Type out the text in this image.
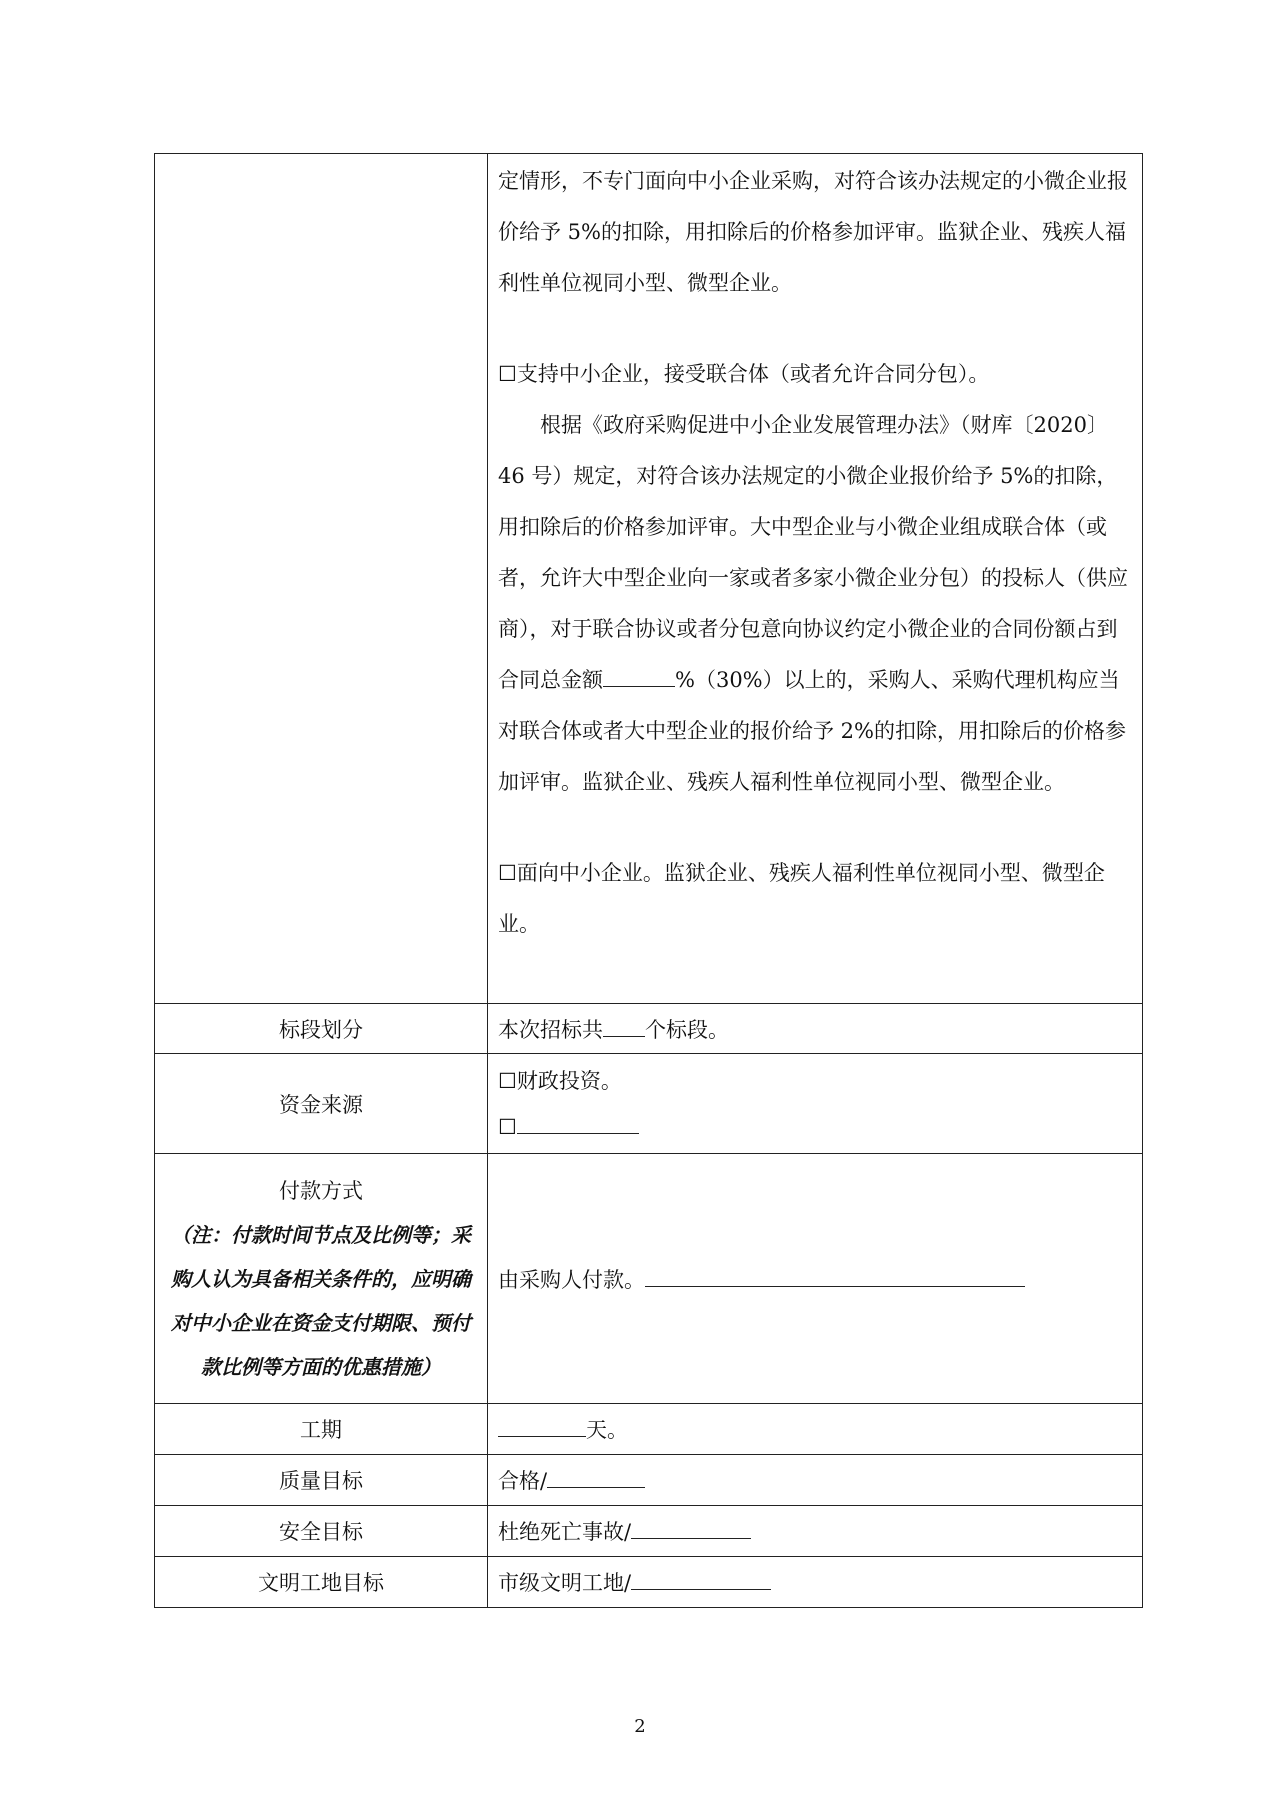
	定情形，不专门面向中小企业采购，对符合该办法规定的小微企业报价给予 5%的扣除，用扣除后的价格参加评审。监狱企业、残疾人福利性单位视同小型、微型企业。

☐支持中小企业，接受联合体（或者允许合同分包）。

根据《政府采购促进中小企业发展管理办法》（财库〔2020〕46 号）规定，对符合该办法规定的小微企业报价给予 5%的扣除，用扣除后的价格参加评审。大中型企业与小微企业组成联合体（或者，允许大中型企业向一家或者多家小微企业分包）的投标人（供应商），对于联合协议或者分包意向协议约定小微企业的合同份额占到合同总金额 %（30%）以上的，采购人、采购代理机构应当对联合体或者大中型企业的报价给予 2%的扣除，用扣除后的价格参加评审。监狱企业、残疾人福利性单位视同小型、微型企业。

☐面向中小企业。监狱企业、残疾人福利性单位视同小型、微型企业。

标段划分	本次招标共 个标段。
资金来源	☐财政投资。
☐

付款方式
（注：付款时间节点及比例等；采购人认为具备相关条件的，应明确对中小企业在资金支付期限、预付款比例等方面的优惠措施）	由采购人付款。
工期	天。
质量目标	合格/
安全目标	杜绝死亡事故/
文明工地目标	市级文明工地/
2
